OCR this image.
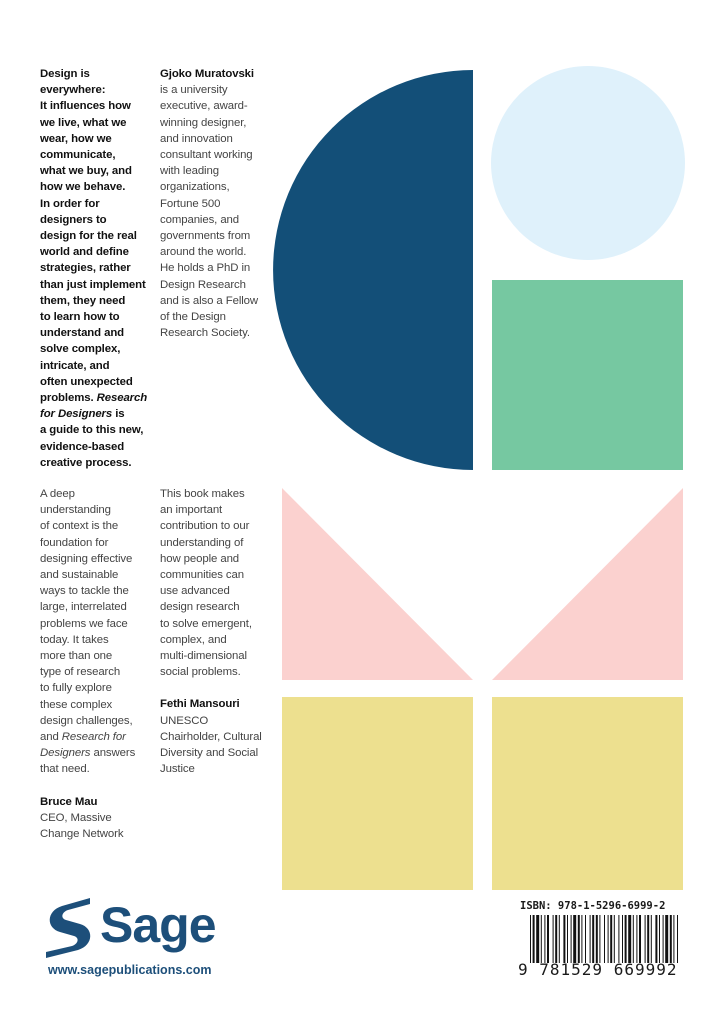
Design is
everywhere:
It influences how
we live, what we
wear, how we
communicate,
what we buy, and
how we behave.
In order for
designers to
design for the real
world and define
strategies, rather
than just implement
them, they need
to learn how to
understand and
solve complex,
intricate, and
often unexpected
problems. Research
for Designers is
a guide to this new,
evidence-based
creative process.
Gjoko Muratovski
is a university
executive, award-
winning designer,
and innovation
consultant working
with leading
organizations,
Fortune 500
companies, and
governments from
around the world.
He holds a PhD in
Design Research
and is also a Fellow
of the Design
Research Society.
A deep
understanding
of context is the
foundation for
designing effective
and sustainable
ways to tackle the
large, interrelated
problems we face
today. It takes
more than one
type of research
to fully explore
these complex
design challenges,
and Research for
Designers answers
that need.
Bruce Mau
CEO, Massive
Change Network
This book makes
an important
contribution to our
understanding of
how people and
communities can
use advanced
design research
to solve emergent,
complex, and
multi-dimensional
social problems.
Fethi Mansouri
UNESCO
Chairholder, Cultural
Diversity and Social
Justice
Sage
www.sagepublications.com
ISBN: 978-1-5296-6999-2
9 781529 669992
